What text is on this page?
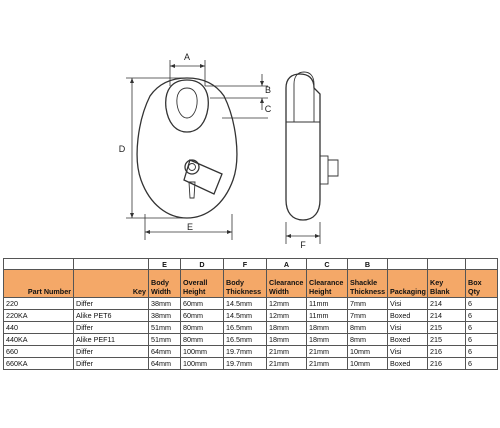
A
B
C
D
E
F
		E	D	F	A	C	B			
Part Number	Key	Body Width	Overall Height	Body Thickness	Clearance Width	Clearance Height	Shackle Thickness	Packaging	Key Blank	Box Qty
220	Differ	38mm	60mm	14.5mm	12mm	11mm	7mm	Visi	214	6
220KA	Alike PET6	38mm	60mm	14.5mm	12mm	11mm	7mm	Boxed	214	6
440	Differ	51mm	80mm	16.5mm	18mm	18mm	8mm	Visi	215	6
440KA	Alike PEF11	51mm	80mm	16.5mm	18mm	18mm	8mm	Boxed	215	6
660	Differ	64mm	100mm	19.7mm	21mm	21mm	10mm	Visi	216	6
660KA	Differ	64mm	100mm	19.7mm	21mm	21mm	10mm	Boxed	216	6
